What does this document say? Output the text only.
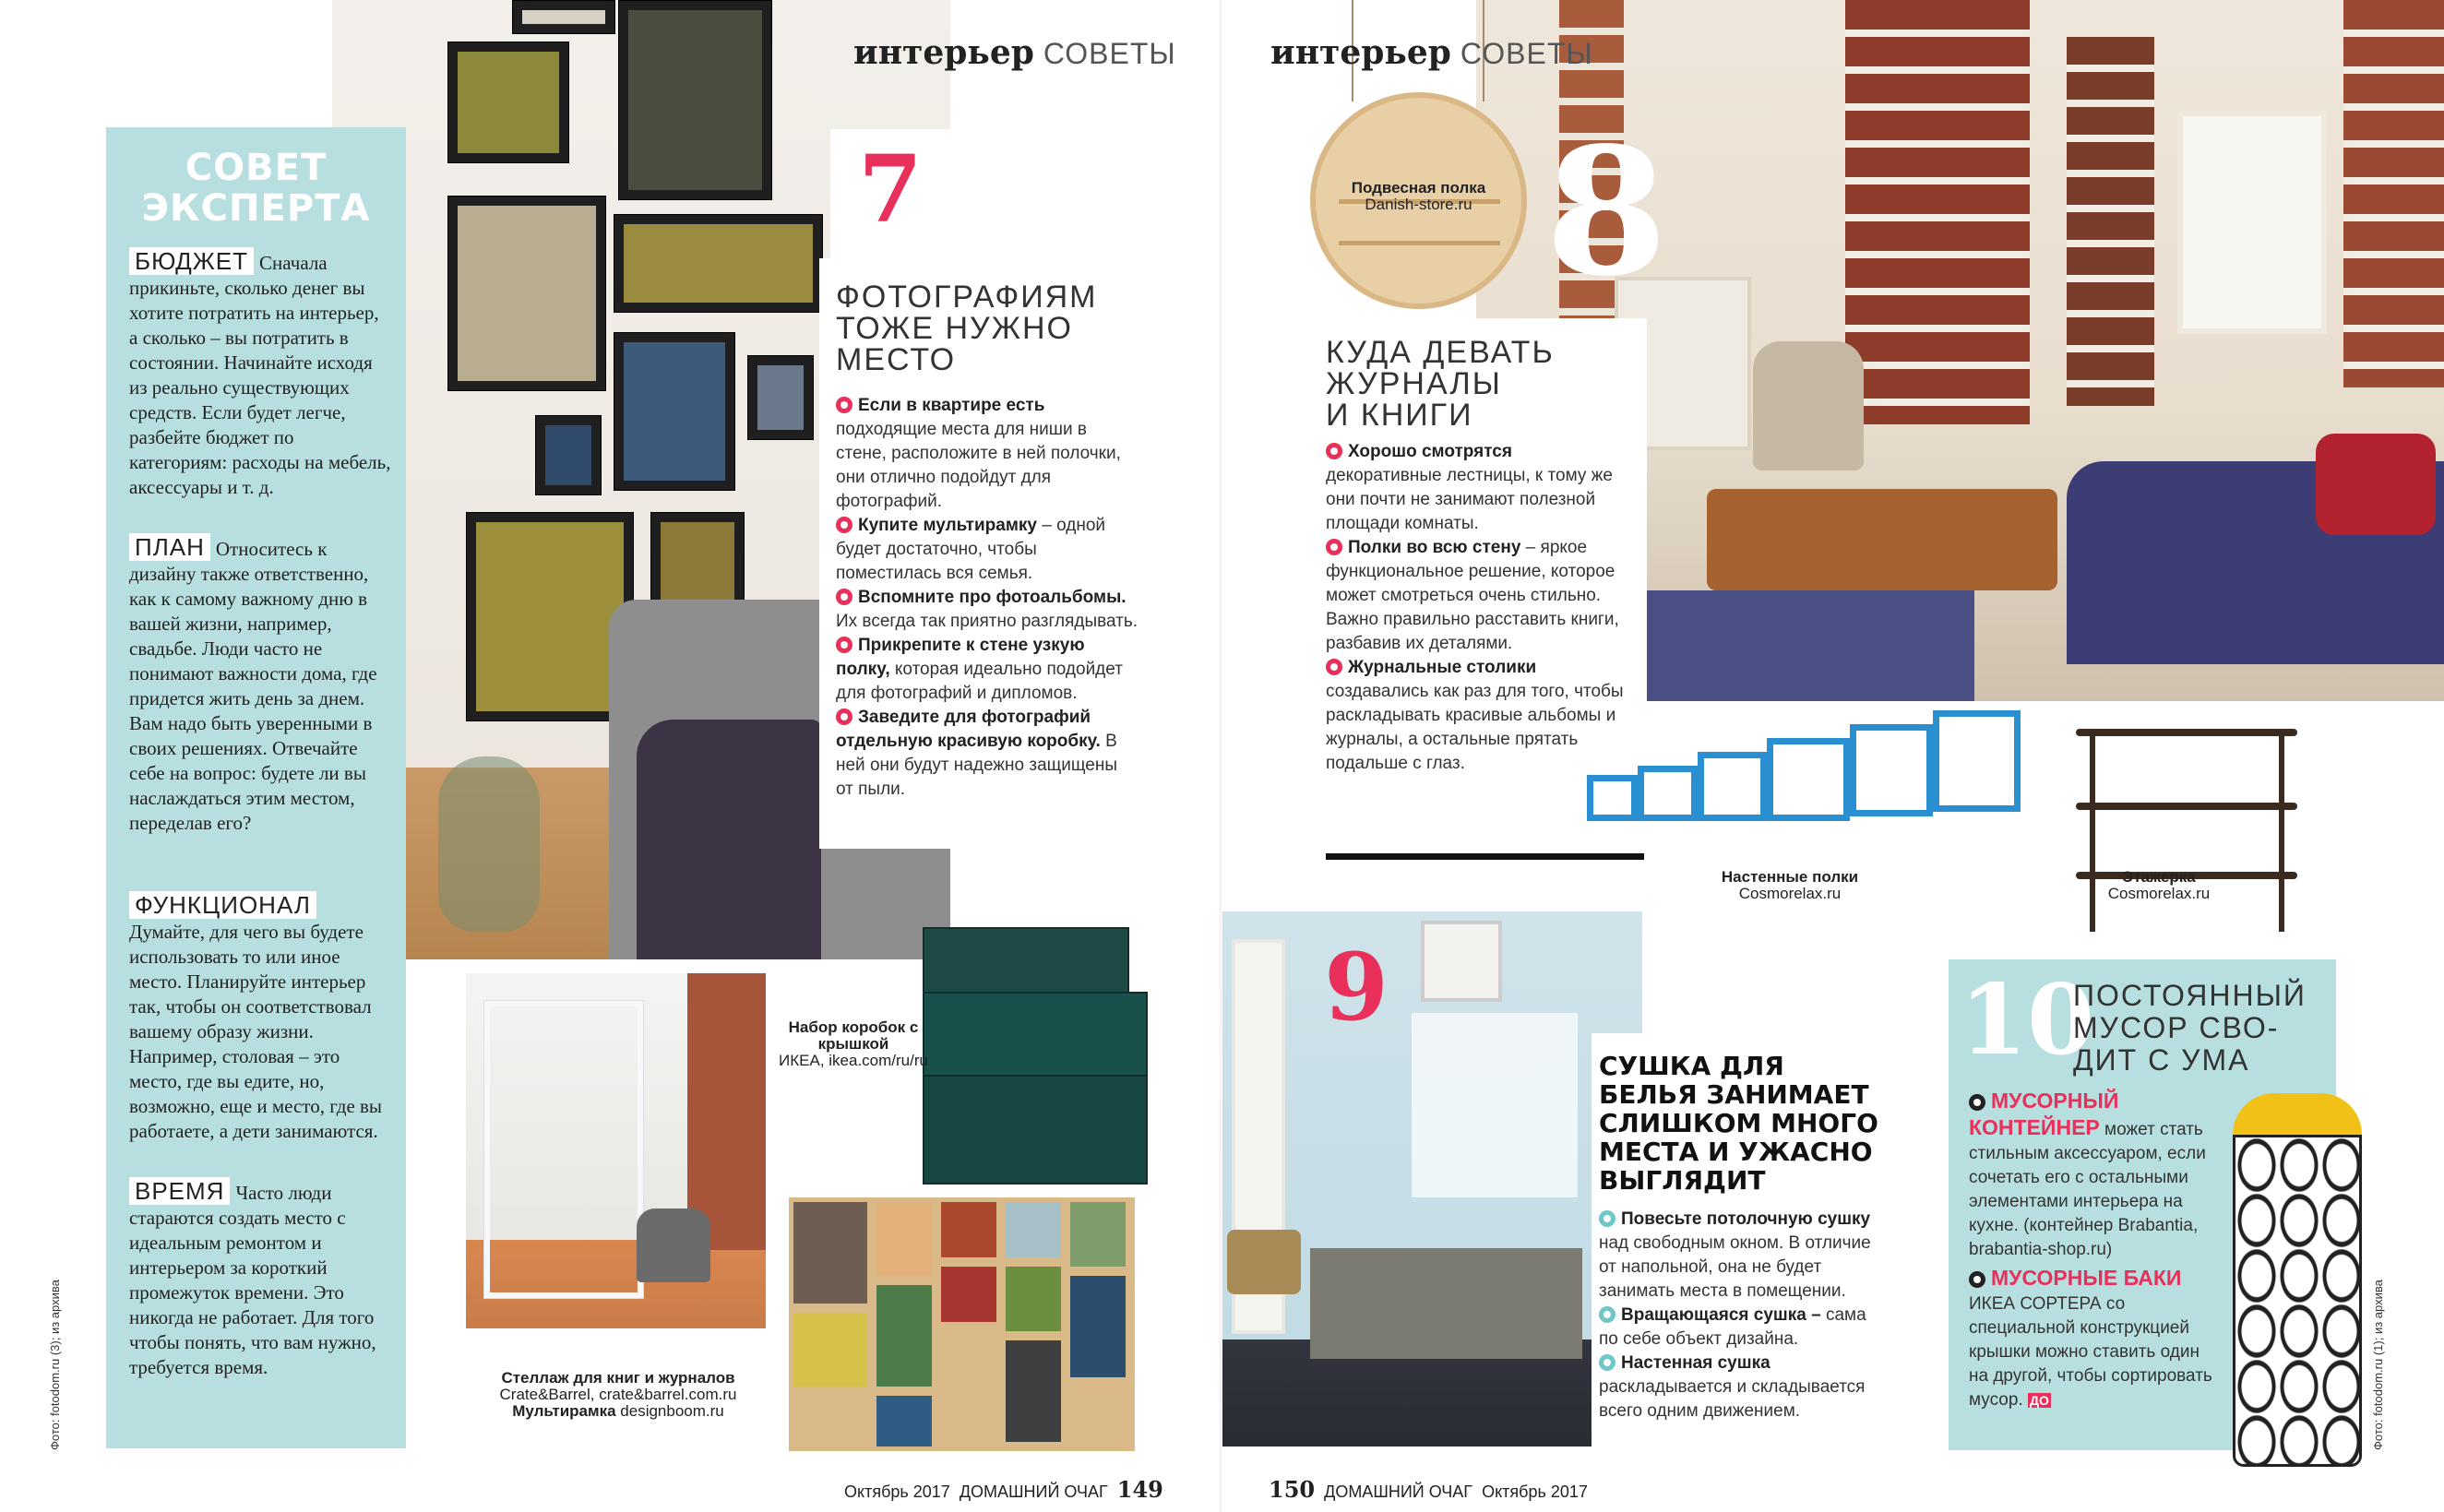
СОВЕТ
ЭКСПЕРТА
БЮДЖЕТ Сначала прикиньте, сколько денег вы хотите потратить на интерьер, а сколько – вы потратить в состоянии. Начинайте исходя из реально существующих средств. Если будет легче, разбейте бюджет по категориям: расходы на мебель, аксессуары и т. д.
ПЛАН Относитесь к дизайну также ответственно, как к самому важному дню в вашей жизни, например, свадьбе. Люди часто не понимают важности дома, где придется жить день за днем. Вам надо быть уверенными в своих решениях. Отвечайте себе на вопрос: будете ли вы наслаждаться этим местом, переделав его?
ФУНКЦИОНАЛДумайте, для чего вы будете использовать то или иное место. Планируйте интерьер так, чтобы он соответствовал вашему образу жизни. Например, столовая – это место, где вы едите, но, возможно, еще и место, где вы работаете, а дети занимаются.
ВРЕМЯ Часто люди стараются создать место с идеальным ремонтом и интерьером за короткий промежуток времени. Это никогда не работает. Для того чтобы понять, что вам нужно, требуется время.
Фото: fotodom.ru (3); из архива
интерьер СОВЕТЫ
7
ФОТОГРАФИЯМ
ТОЖЕ НУЖНО
МЕСТО
Если в квартире есть подходящие места для ниши в стене, расположите в ней полочки, они отлично подойдут для фотографий.
Купите мультирамку – одной будет достаточно, чтобы поместилась вся семья.
Вспомните про фотоальбомы. Их всегда так приятно разглядывать.
Прикрепите к стене узкую полку, которая идеально подойдет для фотографий и дипломов.
Заведите для фотографий отдельную красивую коробку. В ней они будут надежно защищены от пыли.
Набор коробок с крышкой
ИКЕА, ikea.com/ru/ru
Стеллаж для книг и журналов
Crate&Barrel, crate&barrel.com.ru
Мультирамка designboom.ru
Октябрь 2017 ДОМАШНИЙ ОЧАГ 149
Подвесная полка
Danish-store.ru
интерьер СОВЕТЫ
8
КУДА ДЕВАТЬ
ЖУРНАЛЫ
И КНИГИ
Хорошо смотрятся декоративные лестницы, к тому же они почти не занимают полезной площади комнаты.
Полки во всю стену – яркое функциональное решение, которое может смотреться очень стильно. Важно правильно расставить книги, разбавив их деталями.
Журнальные столики создавались как раз для того, чтобы раскладывать красивые альбомы и журналы, а остальные прятать подальше с глаз.
Настенные полки
Cosmorelax.ru
Этажерка
Cosmorelax.ru
9
СУШКА ДЛЯ
БЕЛЬЯ ЗАНИМАЕТ
СЛИШКОМ МНОГО
МЕСТА И УЖАСНО
ВЫГЛЯДИТ
Повесьте потолочную сушку над свободным окном. В отличие от напольной, она не будет занимать места в помещении.
Вращающаяся сушка – сама по себе объект дизайна.
Настенная сушка раскладывается и складывается всего одним движением.
10
ПОСТОЯННЫЙ
МУСОР СВО-
ДИТ С УМА
МУСОРНЫЙ КОНТЕЙНЕР может стать стильным аксессуаром, если сочетать его с остальными элементами интерьера на кухне. (контейнер Brabantia, brabantia-shop.ru)
МУСОРНЫЕ БАКИ ИКЕА СОРТЕРА со специальной конструкцией крышки можно ставить один на другой, чтобы сортировать мусор. ДО	Фото: fotodom.ru (1); из архива
150 ДОМАШНИЙ ОЧАГ Октябрь 2017
